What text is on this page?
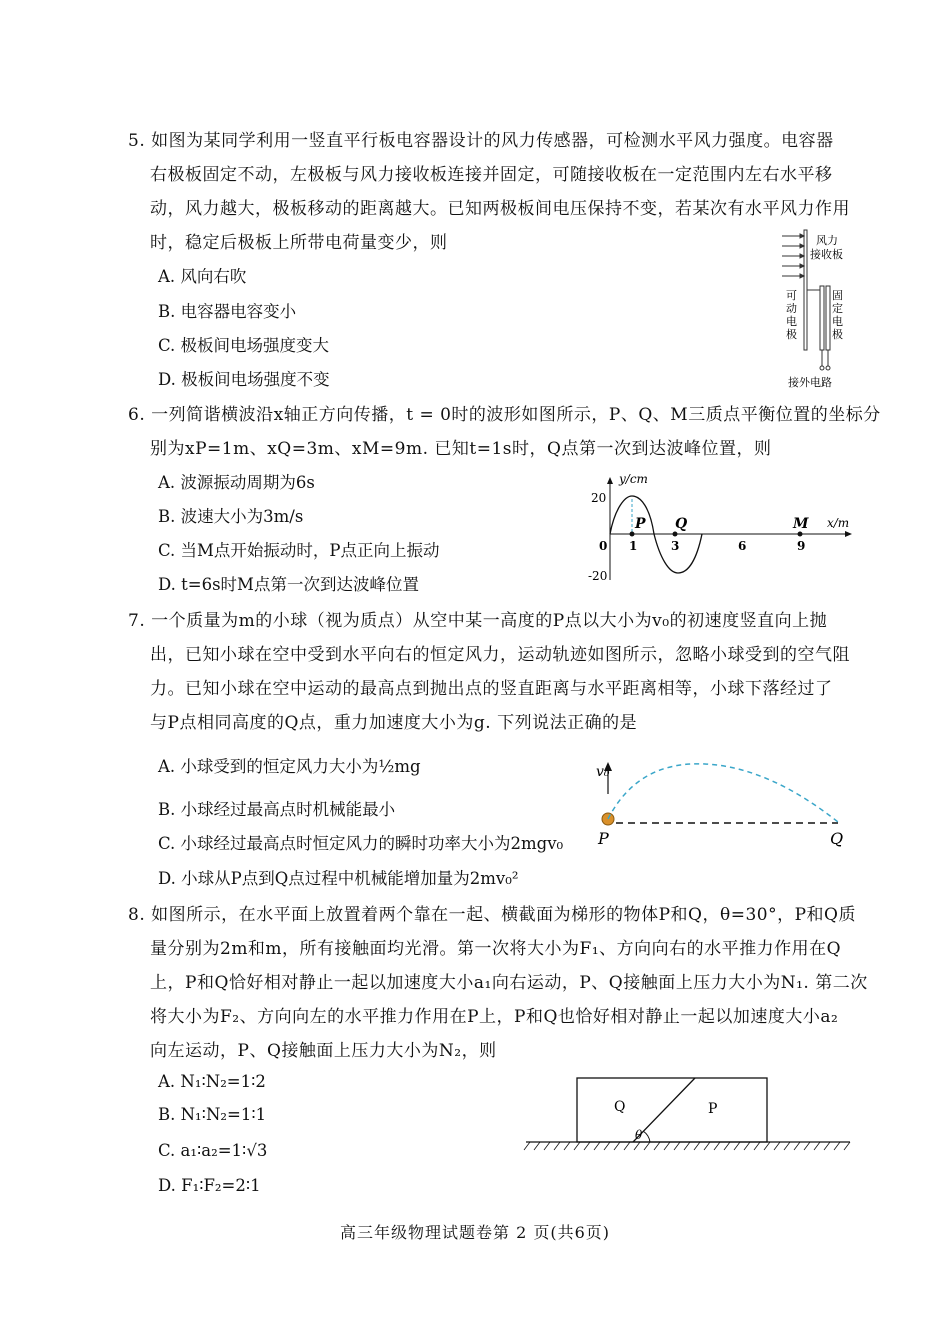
5. 如图为某同学利用一竖直平行板电容器设计的风力传感器，可检测水平风力强度。电容器
右极板固定不动，左极板与风力接收板连接并固定，可随接收板在一定范围内左右水平移
动，风力越大，极板移动的距离越大。已知两极板间电压保持不变，若某次有水平风力作用
时，稳定后极板上所带电荷量变少，则
A. 风向右吹
B. 电容器电容变小
C. 极板间电场强度变大
D. 极板间电场强度不变
风力
接收板
可
动
电
极
固
定
电
极
接外电路
6. 一列简谐横波沿x轴正方向传播，t = 0时的波形如图所示，P、Q、M三质点平衡位置的坐标分
别为xP=1m、xQ=3m、xM=9m. 已知t=1s时，Q点第一次到达波峰位置，则
A. 波源振动周期为6s
B. 波速大小为3m/s
C. 当M点开始振动时，P点正向上振动
D. t=6s时M点第一次到达波峰位置
y/cm
x/m
20
-20
0
P Q	M
1	3	6	9
7. 一个质量为m的小球（视为质点）从空中某一高度的P点以大小为v₀的初速度竖直向上抛
出，已知小球在空中受到水平向右的恒定风力，运动轨迹如图所示，忽略小球受到的空气阻
力。已知小球在空中运动的最高点到抛出点的竖直距离与水平距离相等，小球下落经过了
与P点相同高度的Q点，重力加速度大小为g. 下列说法正确的是
A. 小球受到的恒定风力大小为½mg
B. 小球经过最高点时机械能最小
C. 小球经过最高点时恒定风力的瞬时功率大小为2mgv₀
D. 小球从P点到Q点过程中机械能增加量为2mv₀²
v₀
P	Q
8. 如图所示，在水平面上放置着两个靠在一起、横截面为梯形的物体P和Q，θ=30°，P和Q质
量分别为2m和m，所有接触面均光滑。第一次将大小为F₁、方向向右的水平推力作用在Q
上，P和Q恰好相对静止一起以加速度大小a₁向右运动，P、Q接触面上压力大小为N₁. 第二次
将大小为F₂、方向向左的水平推力作用在P上，P和Q也恰好相对静止一起以加速度大小a₂
向左运动，P、Q接触面上压力大小为N₂，则
A. N₁∶N₂=1∶2
B. N₁∶N₂=1∶1
C. a₁∶a₂=1∶√3
D. F₁∶F₂=2∶1
Q	P
θ
高三年级物理试题卷第 2 页(共6页)
